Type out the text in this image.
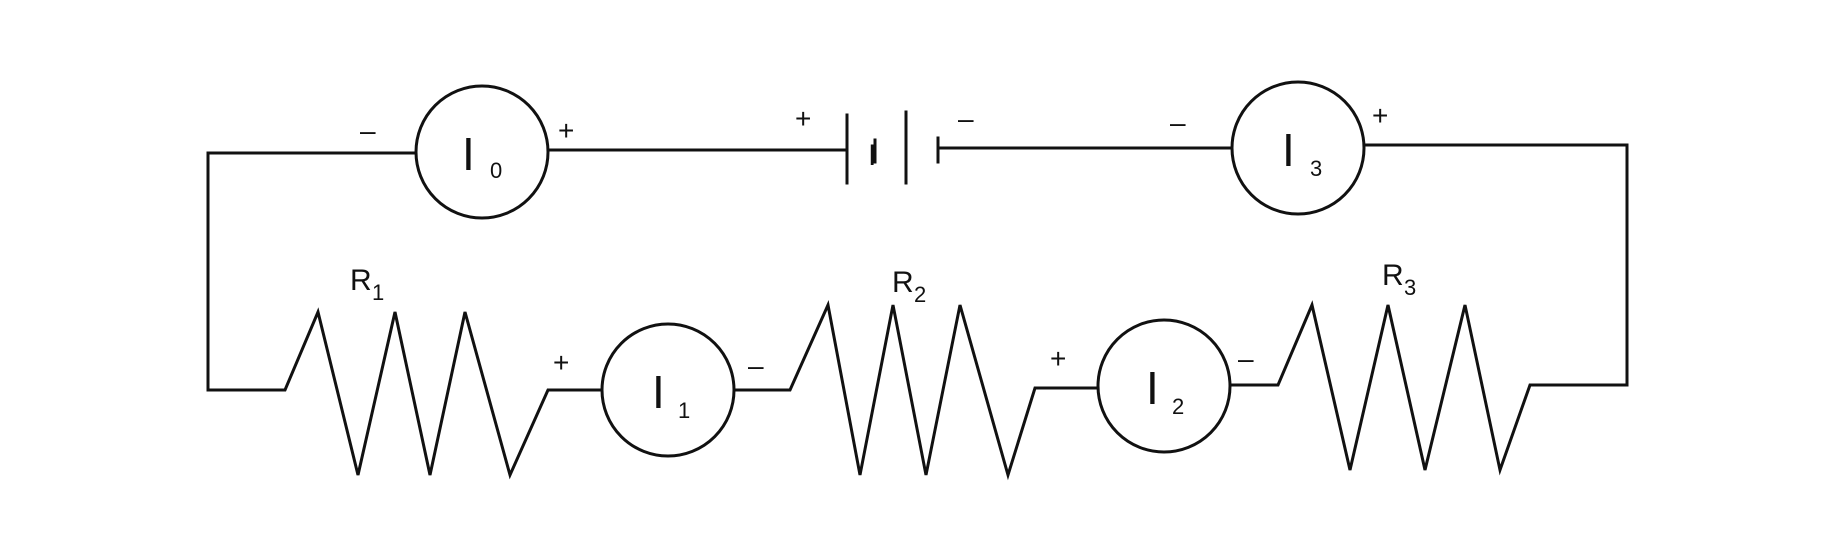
I 0
–	+	I 3
–	+
I 1
+	–	I 2
+	–
+
I
–
R 1	R 2
R 3
